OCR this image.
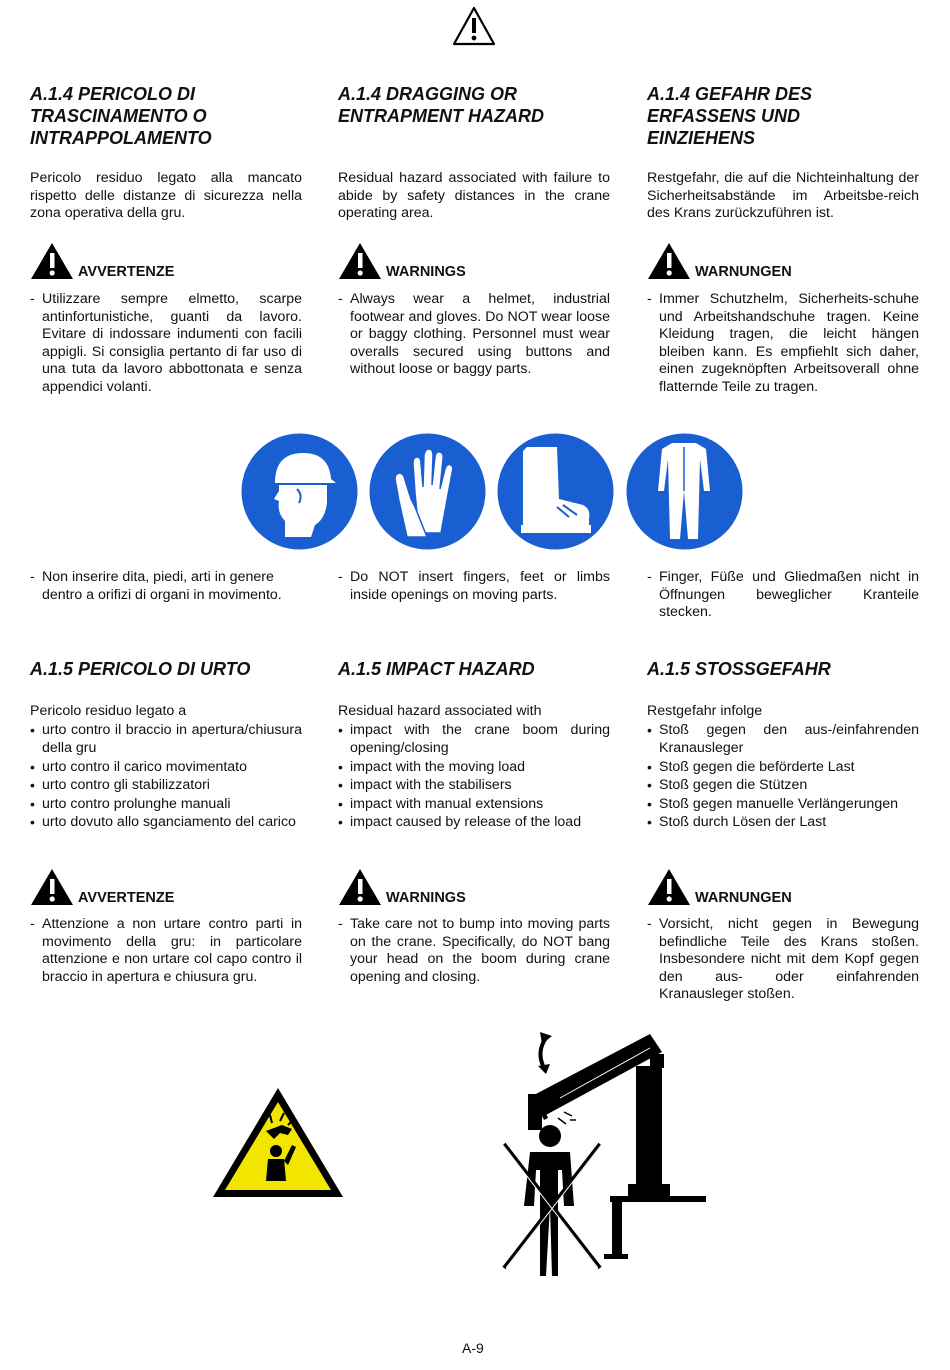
A.1.4 PERICOLO DI
TRASCINAMENTO O
INTRAPPOLAMENTO

Pericolo residuo legato alla mancato rispetto delle distanze di sicurezza nella zona operativa della gru.

AVVERTENZE
- Utilizzare sempre elmetto, scarpe antinfortunistiche, guanti da lavoro. Evitare di indossare indumenti con facili appigli. Si consiglia pertanto di far uso di una tuta da lavoro abbottonata e senza appendici volanti.
A.1.4 DRAGGING OR
ENTRAPMENT HAZARD

Residual hazard associated with failure to abide by safety distances in the crane operating area.

WARNINGS
- Always wear a helmet, industrial footwear and gloves. Do NOT wear loose or baggy clothing. Personnel must wear overalls secured using buttons and without loose or baggy parts.
A.1.4 GEFAHR DES
ERFASSENS UND
EINZIEHENS

Restgefahr, die auf die Nichteinhaltung der Sicherheitsabstände im Arbeitsbe-reich des Krans zurückzuführen ist.

WARNUNGEN
- Immer Schutzhelm, Sicherheits-schuhe und Arbeitshandschuhe tragen. Keine Kleidung tragen, die leicht hängen bleiben kann. Es empfiehlt sich daher, einen zugeknöpften Arbeitsoverall ohne flatternde Teile zu tragen.
- Non inserire dita, piedi, arti in genere dentro a orifizi di organi in movimento.
- Do NOT insert fingers, feet or limbs inside openings on moving parts.
- Finger, Füße und Gliedmaßen nicht in Öffnungen beweglicher Kranteile stecken.
A.1.5 PERICOLO DI URTO

Pericolo residuo legato a

• urto contro il braccio in apertura/chiusura della gru
• urto contro il carico movimentato
• urto contro gli stabilizzatori
• urto contro prolunghe manuali
• urto dovuto allo sganciamento del carico
AVVERTENZE
- Attenzione a non urtare contro parti in movimento della gru: in particolare attenzione e non urtare col capo contro il braccio in apertura e chiusura gru.
A.1.5 IMPACT HAZARD

Residual hazard associated with

• impact with the crane boom during opening/closing
• impact with the moving load
• impact with the stabilisers
• impact with manual extensions
• impact caused by release of the load
WARNINGS
- Take care not to bump into moving parts on the crane. Specifically, do NOT bang your head on the boom during crane opening and closing.
A.1.5 STOSSGEFAHR

Restgefahr infolge

• Stoß gegen den aus-/einfahrenden Kranausleger
• Stoß gegen die beförderte Last
• Stoß gegen die Stützen
• Stoß gegen manuelle Verlängerungen
• Stoß durch Lösen der Last
WARNUNGEN
- Vorsicht, nicht gegen in Bewegung befindliche Teile des Krans stoßen. Insbesondere nicht mit dem Kopf gegen den aus- oder einfahrenden Kranausleger stoßen.
A-9
